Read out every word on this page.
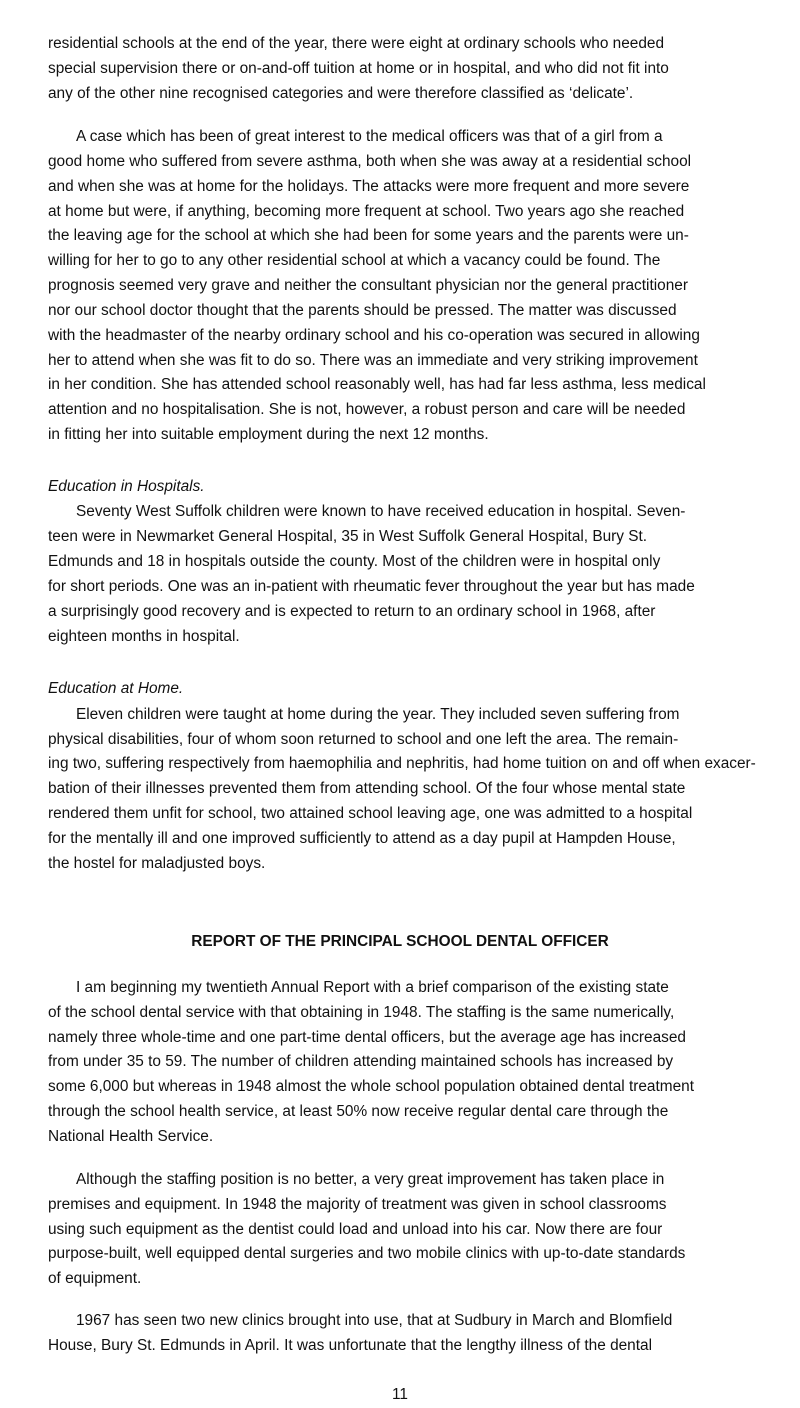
residential schools at the end of the year, there were eight at ordinary schools who needed
special supervision there or on-and-off tuition at home or in hospital, and who did not fit into
any of the other nine recognised categories and were therefore classified as ‘delicate’.
A case which has been of great interest to the medical officers was that of a girl from a
good home who suffered from severe asthma, both when she was away at a residential school
and when she was at home for the holidays. The attacks were more frequent and more severe
at home but were, if anything, becoming more frequent at school. Two years ago she reached
the leaving age for the school at which she had been for some years and the parents were un-
willing for her to go to any other residential school at which a vacancy could be found. The
prognosis seemed very grave and neither the consultant physician nor the general practitioner
nor our school doctor thought that the parents should be pressed. The matter was discussed
with the headmaster of the nearby ordinary school and his co-operation was secured in allowing
her to attend when she was fit to do so. There was an immediate and very striking improvement
in her condition. She has attended school reasonably well, has had far less asthma, less medical
attention and no hospitalisation. She is not, however, a robust person and care will be needed
in fitting her into suitable employment during the next 12 months.
Education in Hospitals.
Seventy West Suffolk children were known to have received education in hospital. Seven-
teen were in Newmarket General Hospital, 35 in West Suffolk General Hospital, Bury St.
Edmunds and 18 in hospitals outside the county. Most of the children were in hospital only
for short periods. One was an in-patient with rheumatic fever throughout the year but has made
a surprisingly good recovery and is expected to return to an ordinary school in 1968, after
eighteen months in hospital.
Education at Home.
Eleven children were taught at home during the year. They included seven suffering from
physical disabilities, four of whom soon returned to school and one left the area. The remain-
ing two, suffering respectively from haemophilia and nephritis, had home tuition on and off when exacer-
bation of their illnesses prevented them from attending school. Of the four whose mental state
rendered them unfit for school, two attained school leaving age, one was admitted to a hospital
for the mentally ill and one improved sufficiently to attend as a day pupil at Hampden House,
the hostel for maladjusted boys.
REPORT OF THE PRINCIPAL SCHOOL DENTAL OFFICER
I am beginning my twentieth Annual Report with a brief comparison of the existing state
of the school dental service with that obtaining in 1948. The staffing is the same numerically,
namely three whole-time and one part-time dental officers, but the average age has increased
from under 35 to 59. The number of children attending maintained schools has increased by
some 6,000 but whereas in 1948 almost the whole school population obtained dental treatment
through the school health service, at least 50% now receive regular dental care through the
National Health Service.
Although the staffing position is no better, a very great improvement has taken place in
premises and equipment. In 1948 the majority of treatment was given in school classrooms
using such equipment as the dentist could load and unload into his car. Now there are four
purpose-built, well equipped dental surgeries and two mobile clinics with up-to-date standards
of equipment.
1967 has seen two new clinics brought into use, that at Sudbury in March and Blomfield
House, Bury St. Edmunds in April. It was unfortunate that the lengthy illness of the dental
11
